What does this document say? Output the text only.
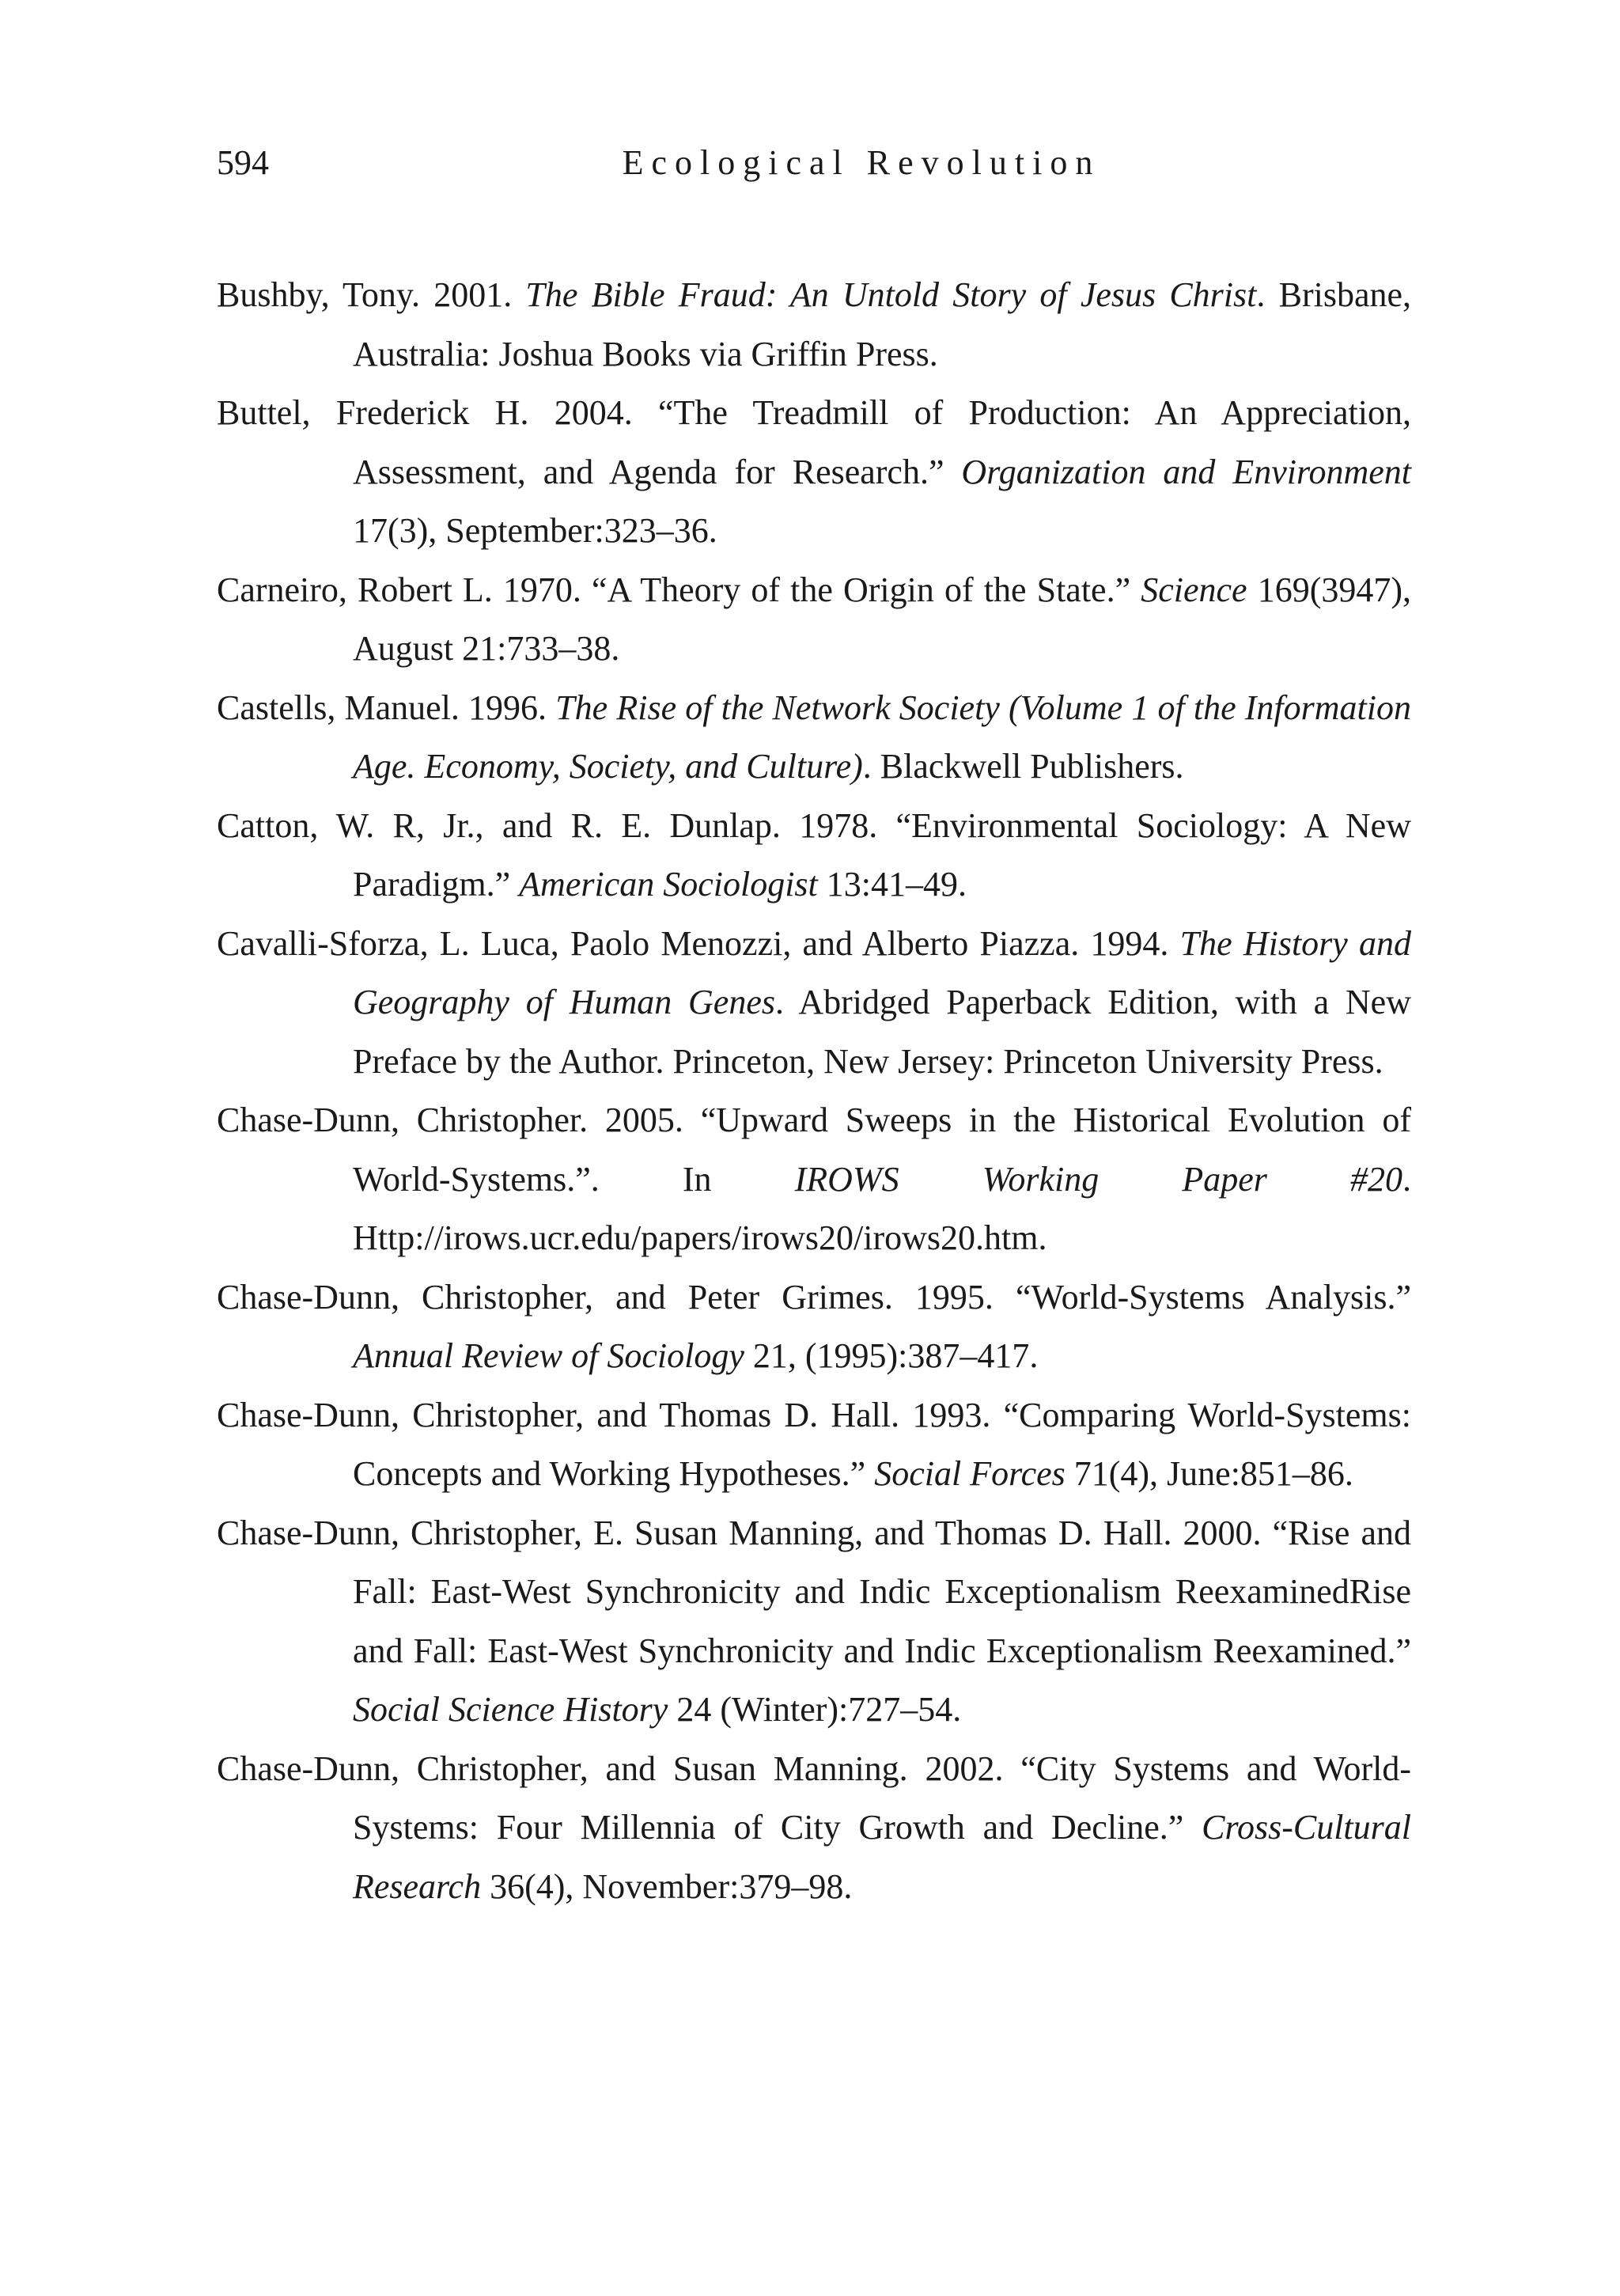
594	Ecological Revolution
Bushby, Tony. 2001. The Bible Fraud: An Untold Story of Jesus Christ. Brisbane, Australia: Joshua Books via Griffin Press.
Buttel, Frederick H. 2004. “The Treadmill of Production: An Appreciation, Assessment, and Agenda for Research.” Organization and Environment 17(3), September:323–36.
Carneiro, Robert L. 1970. “A Theory of the Origin of the State.” Science 169(3947), August 21:733–38.
Castells, Manuel. 1996. The Rise of the Network Society (Volume 1 of the Information Age. Economy, Society, and Culture). Blackwell Publishers.
Catton, W. R, Jr., and R. E. Dunlap. 1978. “Environmental Sociology: A New Paradigm.” American Sociologist 13:41–49.
Cavalli-Sforza, L. Luca, Paolo Menozzi, and Alberto Piazza. 1994. The History and Geography of Human Genes. Abridged Paperback Edition, with a New Preface by the Author. Princeton, New Jersey: Princeton University Press.
Chase-Dunn, Christopher. 2005. “Upward Sweeps in the Historical Evolution of World-Systems.”. In IROWS Working Paper #20. Http://irows.ucr.edu/papers/irows20/irows20.htm.
Chase-Dunn, Christopher, and Peter Grimes. 1995. “World-Systems Analysis.” Annual Review of Sociology 21, (1995):387–417.
Chase-Dunn, Christopher, and Thomas D. Hall. 1993. “Comparing World-Systems: Concepts and Working Hypotheses.” Social Forces 71(4), June:851–86.
Chase-Dunn, Christopher, E. Susan Manning, and Thomas D. Hall. 2000. “Rise and Fall: East-West Synchronicity and Indic Exceptionalism ReexaminedRise and Fall: East-West Synchronicity and Indic Exceptionalism Reexamined.” Social Science History 24 (Winter):727–54.
Chase-Dunn, Christopher, and Susan Manning. 2002. “City Systems and World-Systems: Four Millennia of City Growth and Decline.” Cross-Cultural Research 36(4), November:379–98.
